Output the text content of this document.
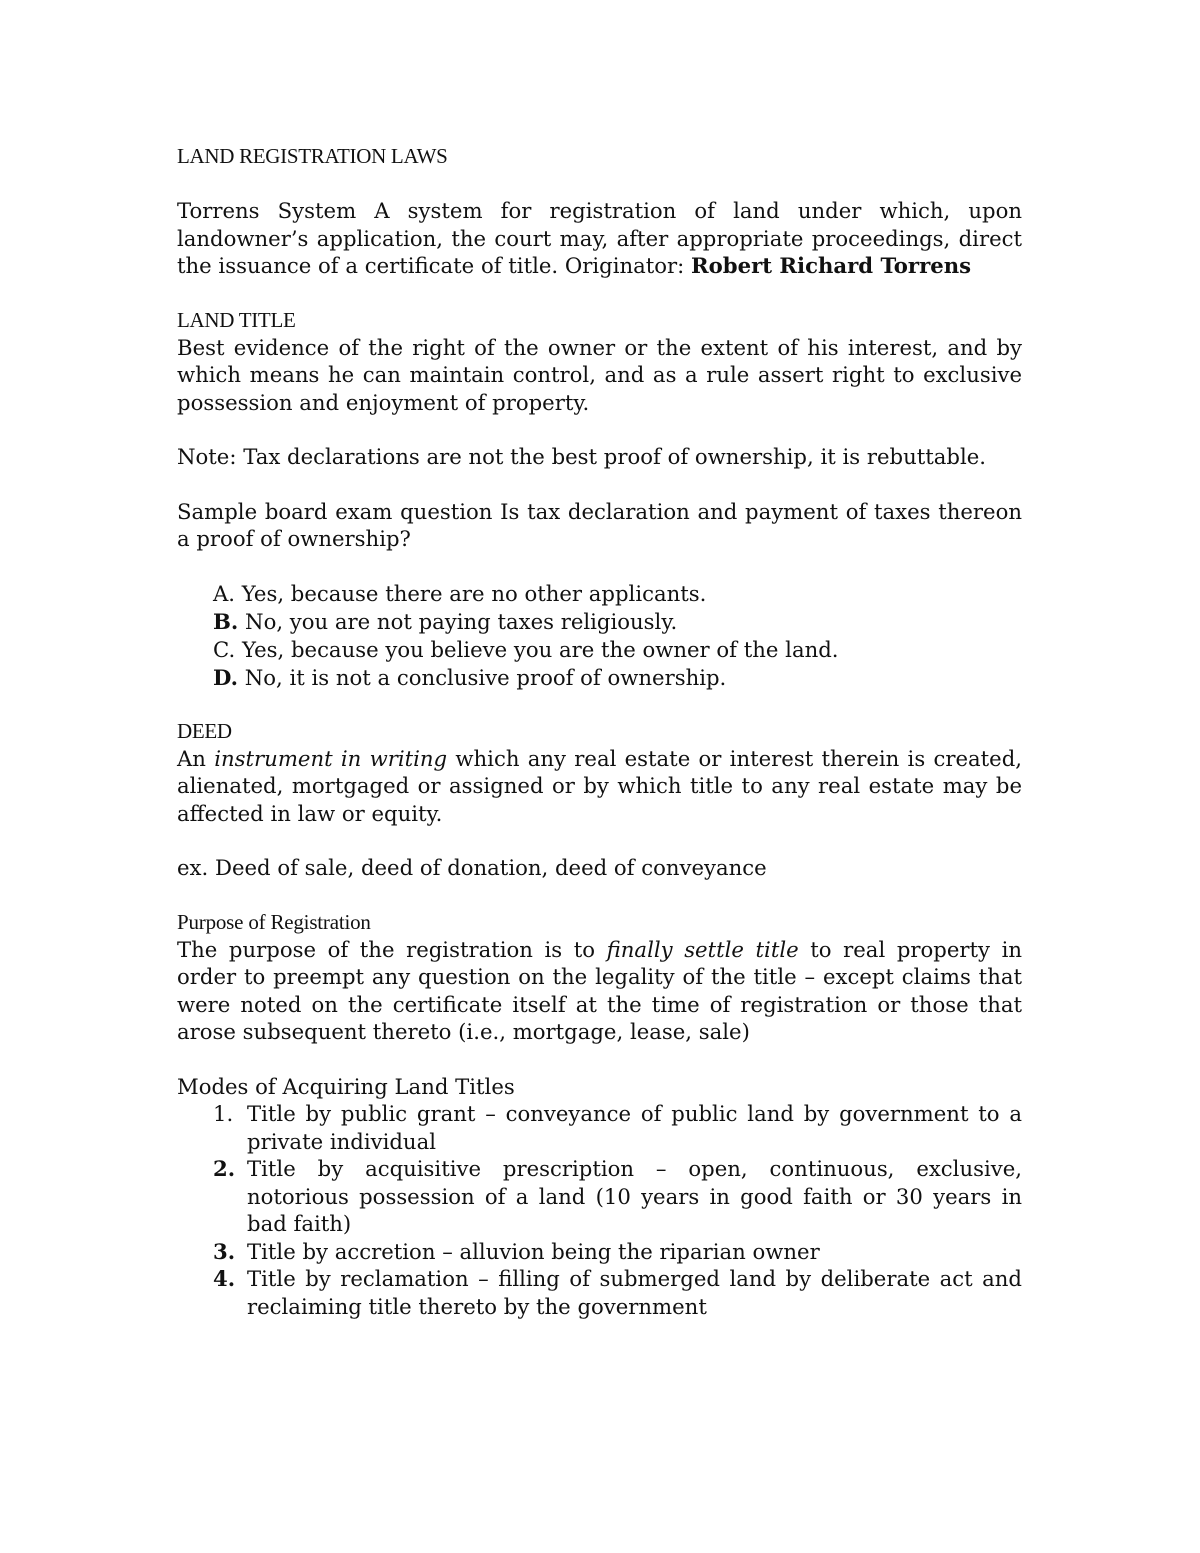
LAND REGISTRATION LAWS

Torrens System A system for registration of land under which, upon landowner’s application, the court may, after appropriate proceedings, direct the issuance of a certificate of title. Originator: Robert Richard Torrens

LAND TITLE

Best evidence of the right of the owner or the extent of his interest, and by which means he can maintain control, and as a rule assert right to exclusive possession and enjoyment of property.

Note: Tax declarations are not the best proof of ownership, it is rebuttable.

Sample board exam question Is tax declaration and payment of taxes thereon a proof of ownership?

A. Yes, because there are no other applicants.
B. No, you are not paying taxes religiously.
C. Yes, because you believe you are the owner of the land.
D. No, it is not a conclusive proof of ownership.

DEED

An instrument in writing which any real estate or interest therein is created, alienated, mortgaged or assigned or by which title to any real estate may be affected in law or equity.

ex. Deed of sale, deed of donation, deed of conveyance

Purpose of Registration

The purpose of the registration is to finally settle title to real property in order to preempt any question on the legality of the title – except claims that were noted on the certificate itself at the time of registration or those that arose subsequent thereto (i.e., mortgage, lease, sale)

Modes of Acquiring Land Titles

1. Title by public grant – conveyance of public land by government to a private individual
2. Title by acquisitive prescription – open, continuous, exclusive, notorious possession of a land (10 years in good faith or 30 years in bad faith)
3. Title by accretion – alluvion being the riparian owner
4. Title by reclamation – filling of submerged land by deliberate act and reclaiming title thereto by the government
